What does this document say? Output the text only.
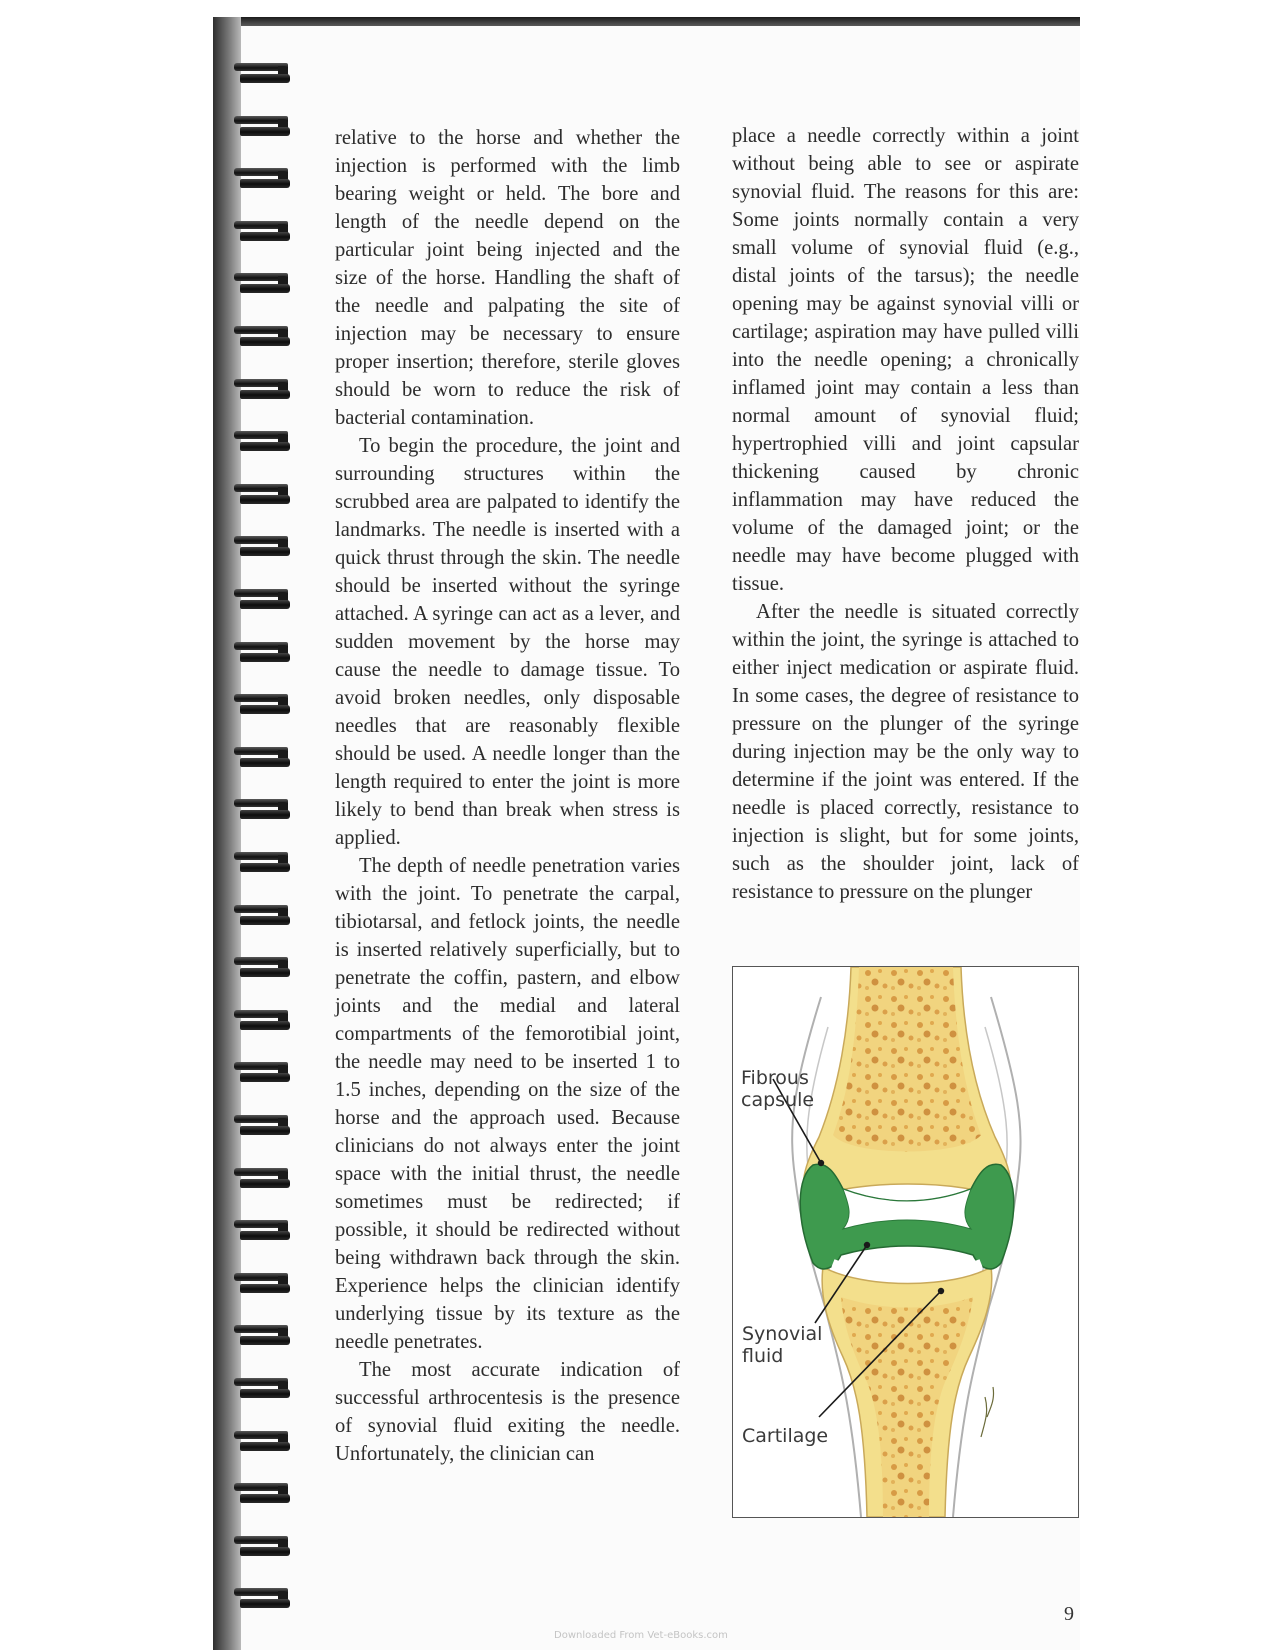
relative to the horse and whether the injection is performed with the limb bearing weight or held. The bore and length of the needle depend on the particular joint being injected and the size of the horse. Handling the shaft of the needle and palpating the site of injection may be necessary to ensure proper insertion; therefore, sterile gloves should be worn to reduce the risk of bacterial contamination.

To begin the procedure, the joint and surrounding structures within the scrubbed area are palpated to identify the landmarks. The needle is inserted with a quick thrust through the skin. The needle should be inserted without the syringe attached. A syringe can act as a lever, and sudden movement by the horse may cause the needle to damage tissue. To avoid broken needles, only disposable needles that are reasonably flexible should be used. A needle longer than the length required to enter the joint is more likely to bend than break when stress is applied.

The depth of needle penetration varies with the joint. To penetrate the carpal, tibiotarsal, and fetlock joints, the needle is inserted relatively superficially, but to penetrate the coffin, pastern, and elbow joints and the medial and lateral compartments of the femorotibial joint, the needle may need to be inserted 1 to 1.5 inches, depending on the size of the horse and the approach used. Because clinicians do not always enter the joint space with the initial thrust, the needle sometimes must be redirected; if possible, it should be redirected without being withdrawn back through the skin. Experience helps the clinician identify underlying tissue by its texture as the needle penetrates.

The most accurate indication of successful arthrocentesis is the presence of synovial fluid exiting the needle. Unfortunately, the clinician can

place a needle correctly within a joint without being able to see or aspirate synovial fluid. The reasons for this are: Some joints normally contain a very small volume of synovial fluid (e.g., distal joints of the tarsus); the needle opening may be against synovial villi or cartilage; aspiration may have pulled villi into the needle opening; a chronically inflamed joint may contain a less than normal amount of synovial fluid; hypertrophied villi and joint capsular thickening caused by chronic inflammation may have reduced the volume of the damaged joint; or the needle may have become plugged with tissue.

After the needle is situated correctly within the joint, the syringe is attached to either inject medication or aspirate fluid. In some cases, the degree of resistance to pressure on the plunger of the syringe during injection may be the only way to determine if the joint was entered. If the needle is placed correctly, resistance to injection is slight, but for some joints, such as the shoulder joint, lack of resistance to pressure on the plunger

Fibrous
capsule
Synovial
fluid
Cartilage
9
Downloaded From Vet-eBooks.com
